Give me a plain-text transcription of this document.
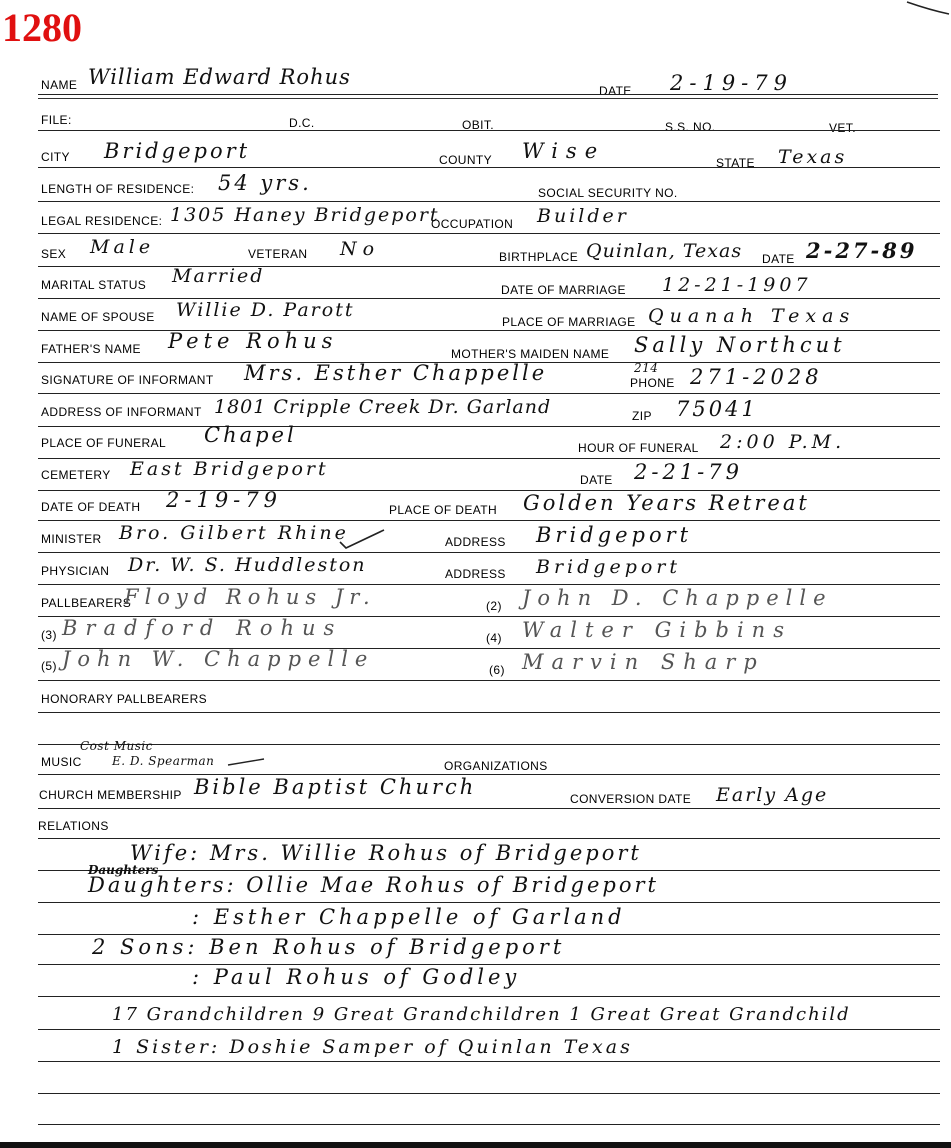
1280
NAME William Edward Rohus
DATE 2-19-79
FILE:	D.C.	OBIT.	S.S. NO.	VET.
CITY Bridgeport	COUNTY Wise	STATE Texas
LENGTH OF RESIDENCE: 54 yrs.	SOCIAL SECURITY NO.
LEGAL RESIDENCE: 1305 Haney Bridgeport
OCCUPATION Builder
SEX Male	VETERAN No	BIRTHPLACE Quinlan, Texas DATE 2-27-89
MARITAL STATUS Married
DATE OF MARRIAGE 12-21-1907
NAME OF SPOUSE Willie D. Parott
PLACE OF MARRIAGE Quanah Texas
FATHER'S NAME Pete Rohus
MOTHER'S MAIDEN NAME Sally Northcut
SIGNATURE OF INFORMANT Mrs. Esther Chappelle	214
PHONE 271-2028
ADDRESS OF INFORMANT 1801 Cripple Creek Dr. Garland	ZIP 75041
PLACE OF FUNERAL Chapel
HOUR OF FUNERAL 2:00 P.M.
CEMETERY East Bridgeport	DATE 2-21-79
DATE OF DEATH 2-19-79	PLACE OF DEATH Golden Years Retreat
MINISTER Bro. Gilbert Rhine	ADDRESS Bridgeport
PHYSICIAN Dr. W. S. Huddleston	ADDRESS Bridgeport
PALLBEARERS
Floyd Rohus Jr.	(2) John D. Chappelle
(3) Bradford Rohus	(4) Walter Gibbins
(5) John W. Chappelle	(6) Marvin Sharp
HONORARY PALLBEARERS
MUSIC
Cost Music
E. D. Spearman	ORGANIZATIONS
CHURCH MEMBERSHIP Bible Baptist Church	CONVERSION DATE Early Age
RELATIONS
Wife: Mrs. Willie Rohus of Bridgeport
Daughters
Daughters: Ollie Mae Rohus of Bridgeport
: Esther Chappelle of Garland
2 Sons: Ben Rohus of Bridgeport
: Paul Rohus of Godley
17 Grandchildren 9 Great Grandchildren 1 Great Great Grandchild
1 Sister: Doshie Samper of Quinlan Texas
